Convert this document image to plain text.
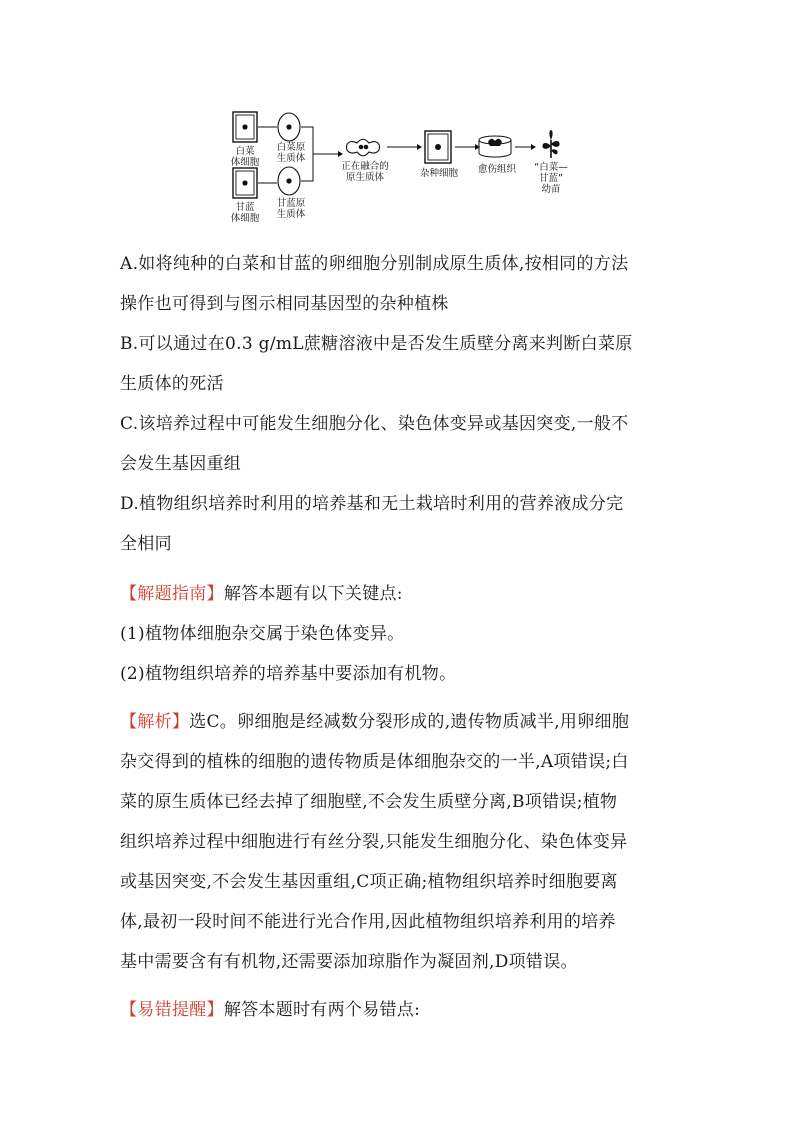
白菜
体细胞
甘蓝
体细胞
白菜原
生质体
甘蓝原
生质体
正在融合的
原生质体	杂种细胞 愈伤组织 “白菜—
甘蓝”
幼苗

A.如将纯种的白菜和甘蓝的卵细胞分别制成原生质体,按相同的方法
操作也可得到与图示相同基因型的杂种植株

B.可以通过在0.3 g/mL蔗糖溶液中是否发生质壁分离来判断白菜原
生质体的死活

C.该培养过程中可能发生细胞分化、染色体变异或基因突变,一般不
会发生基因重组

D.植物组织培养时利用的培养基和无土栽培时利用的营养液成分完
全相同

【解题指南】解答本题有以下关键点:

(1)植物体细胞杂交属于染色体变异。

(2)植物组织培养的培养基中要添加有机物。

【解析】选C。卵细胞是经减数分裂形成的,遗传物质减半,用卵细胞
杂交得到的植株的细胞的遗传物质是体细胞杂交的一半,A项错误;白
菜的原生质体已经去掉了细胞壁,不会发生质壁分离,B项错误;植物
组织培养过程中细胞进行有丝分裂,只能发生细胞分化、染色体变异
或基因突变,不会发生基因重组,C项正确;植物组织培养时细胞要离
体,最初一段时间不能进行光合作用,因此植物组织培养利用的培养
基中需要含有有机物,还需要添加琼脂作为凝固剂,D项错误。

【易错提醒】解答本题时有两个易错点:
